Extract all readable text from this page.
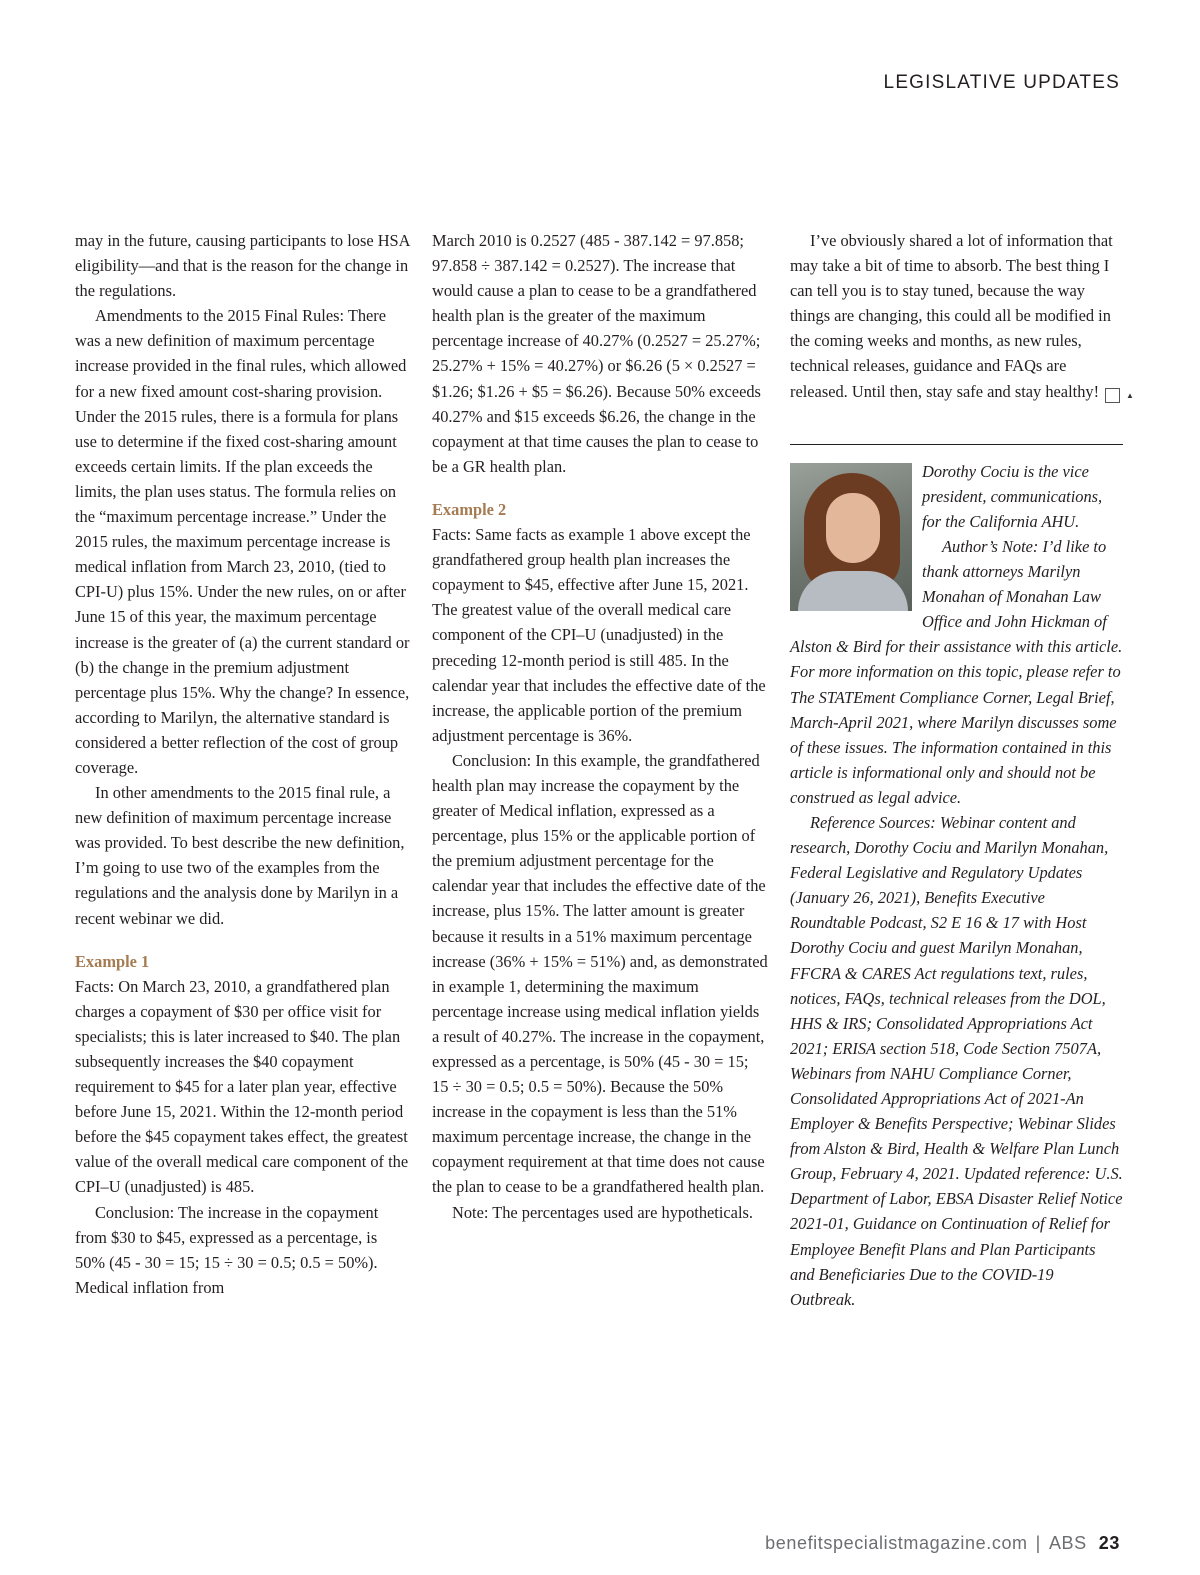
LEGISLATIVE UPDATES

may in the future, causing participants to lose HSA eligibility—and that is the reason for the change in the regulations.

Amendments to the 2015 Final Rules: There was a new definition of maximum percentage increase provided in the final rules, which allowed for a new fixed amount cost-sharing provision. Under the 2015 rules, there is a formula for plans use to determine if the fixed cost-sharing amount exceeds certain limits. If the plan exceeds the limits, the plan uses status. The formula relies on the “maximum percentage increase.” Under the 2015 rules, the maximum percentage increase is medical inflation from March 23, 2010, (tied to CPI-U) plus 15%. Under the new rules, on or after June 15 of this year, the maximum percentage increase is the greater of (a) the current standard or (b) the change in the premium adjustment percentage plus 15%. Why the change? In essence, according to Marilyn, the alternative standard is considered a better reflection of the cost of group coverage.

In other amendments to the 2015 final rule, a new definition of maximum percentage increase was provided. To best describe the new definition, I’m going to use two of the examples from the regulations and the analysis done by Marilyn in a recent webinar we did.

Example 1

Facts: On March 23, 2010, a grandfathered plan charges a copayment of $30 per office visit for specialists; this is later increased to $40. The plan subsequently increases the $40 copayment requirement to $45 for a later plan year, effective before June 15, 2021. Within the 12-month period before the $45 copayment takes effect, the greatest value of the overall medical care component of the CPI–U (unadjusted) is 485.

Conclusion: The increase in the copayment from $30 to $45, expressed as a percentage, is 50% (45 - 30 = 15; 15 ÷ 30 = 0.5; 0.5 = 50%). Medical inflation from

March 2010 is 0.2527 (485 - 387.142 = 97.858; 97.858 ÷ 387.142 = 0.2527). The increase that would cause a plan to cease to be a grandfathered health plan is the greater of the maximum percentage increase of 40.27% (0.2527 = 25.27%; 25.27% + 15% = 40.27%) or $6.26 (5 × 0.2527 = $1.26; $1.26 + $5 = $6.26). Because 50% exceeds 40.27% and $15 exceeds $6.26, the change in the copayment at that time causes the plan to cease to be a GR health plan.

Example 2

Facts: Same facts as example 1 above except the grandfathered group health plan increases the copayment to $45, effective after June 15, 2021. The greatest value of the overall medical care component of the CPI–U (unadjusted) in the preceding 12-month period is still 485. In the calendar year that includes the effective date of the increase, the applicable portion of the premium adjustment percentage is 36%.

Conclusion: In this example, the grandfathered health plan may increase the copayment by the greater of Medical inflation, expressed as a percentage, plus 15% or the applicable portion of the premium adjustment percentage for the calendar year that includes the effective date of the increase, plus 15%. The latter amount is greater because it results in a 51% maximum percentage increase (36% + 15% = 51%) and, as demonstrated in example 1, determining the maximum percentage increase using medical inflation yields a result of 40.27%. The increase in the copayment, expressed as a percentage, is 50% (45 - 30 = 15; 15 ÷ 30 = 0.5; 0.5 = 50%). Because the 50% increase in the copayment is less than the 51% maximum percentage increase, the change in the copayment requirement at that time does not cause the plan to cease to be a grandfathered health plan.

Note: The percentages used are hypotheticals.

I’ve obviously shared a lot of information that may take a bit of time to absorb. The best thing I can tell you is to stay tuned, because the way things are changing, this could all be modified in the coming weeks and months, as new rules, technical releases, guidance and FAQs are released. Until then, stay safe and stay healthy!	▲

Dorothy Cociu is the vice president, communications, for the California AHU.

Author’s Note: I’d like to thank attorneys Marilyn Monahan of Monahan Law Office and John Hickman of Alston & Bird for their assistance with this article. For more information on this topic, please refer to The STATEment Compliance Corner, Legal Brief, March-April 2021, where Marilyn discusses some of these issues. The information contained in this article is informational only and should not be construed as legal advice.

Reference Sources: Webinar content and research, Dorothy Cociu and Marilyn Monahan, Federal Legislative and Regulatory Updates (January 26, 2021), Benefits Executive Roundtable Podcast, S2 E 16 & 17 with Host Dorothy Cociu and guest Marilyn Monahan, FFCRA & CARES Act regulations text, rules, notices, FAQs, technical releases from the DOL, HHS & IRS; Consolidated Appropriations Act 2021; ERISA section 518, Code Section 7507A, Webinars from NAHU Compliance Corner, Consolidated Appropriations Act of 2021-An Employer & Benefits Perspective; Webinar Slides from Alston & Bird, Health & Welfare Plan Lunch Group, February 4, 2021. Updated reference: U.S. Department of Labor, EBSA Disaster Relief Notice 2021-01, Guidance on Continuation of Relief for Employee Benefit Plans and Plan Participants and Beneficiaries Due to the COVID-19 Outbreak.

benefitspecialistmagazine.com | ABS 23
